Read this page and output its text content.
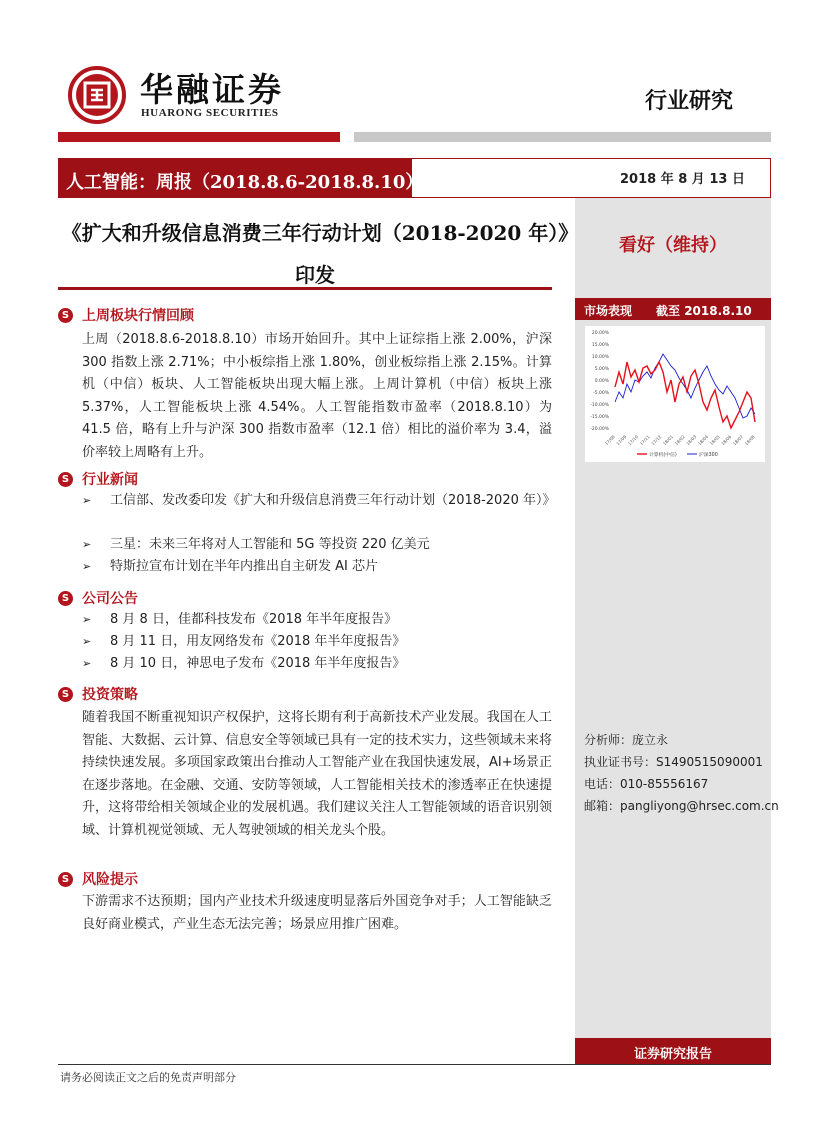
华融证券
HUARONG SECURITIES	行业研究
人工智能：周报（2018.8.6-2018.8.10）	2018 年 8 月 13 日
看好（维持）
市场表现 截至 2018.8.10
20.00%
15.00%
10.00%
5.00%
0.00%
-5.00%
-10.00%
-15.00%
-20.00%
17/08 17/09 17/10 17/11 17/12 18/01 18/02 18/03 18/04 18/05 18/06 18/07 18/08
计算机(中信)	沪深300
分析师：庞立永
执业证书号：S1490515090001
电话：010-85556167
邮箱：pangliyong@hrsec.com.cn
证券研究报告
《扩大和升级信息消费三年行动计划（2018-2020 年）》印发
S 上周板块行情回顾
上周（2018.8.6-2018.8.10）市场开始回升。其中上证综指上涨 2.00%，沪深 300 指数上涨 2.71%；中小板综指上涨 1.80%，创业板综指上涨 2.15%。计算机（中信）板块、人工智能板块出现大幅上涨。上周计算机（中信）板块上涨 5.37%，人工智能板块上涨 4.54%。人工智能指数市盈率（2018.8.10）为 41.5 倍，略有上升与沪深 300 指数市盈率（12.1 倍）相比的溢价率为 3.4，溢价率较上周略有上升。
S 行业新闻
➢	工信部、发改委印发《扩大和升级信息消费三年行动计划（2018-2020 年）》
➢	三星：未来三年将对人工智能和 5G 等投资 220 亿美元
➢	特斯拉宣布计划在半年内推出自主研发 AI 芯片
S 公司公告
➢	8 月 8 日，佳都科技发布《2018 年半年度报告》
➢	8 月 11 日，用友网络发布《2018 年半年度报告》
➢	8 月 10 日，神思电子发布《2018 年半年度报告》
S 投资策略
随着我国不断重视知识产权保护，这将长期有利于高新技术产业发展。我国在人工智能、大数据、云计算、信息安全等领域已具有一定的技术实力，这些领域未来将持续快速发展。多项国家政策出台推动人工智能产业在我国快速发展，AI+场景正在逐步落地。在金融、交通、安防等领域，人工智能相关技术的渗透率正在快速提升，这将带给相关领域企业的发展机遇。我们建议关注人工智能领域的语音识别领域、计算机视觉领域、无人驾驶领域的相关龙头个股。
S 风险提示
下游需求不达预期；国内产业技术升级速度明显落后外国竞争对手；人工智能缺乏良好商业模式，产业生态无法完善；场景应用推广困难。
请务必阅读正文之后的免责声明部分
